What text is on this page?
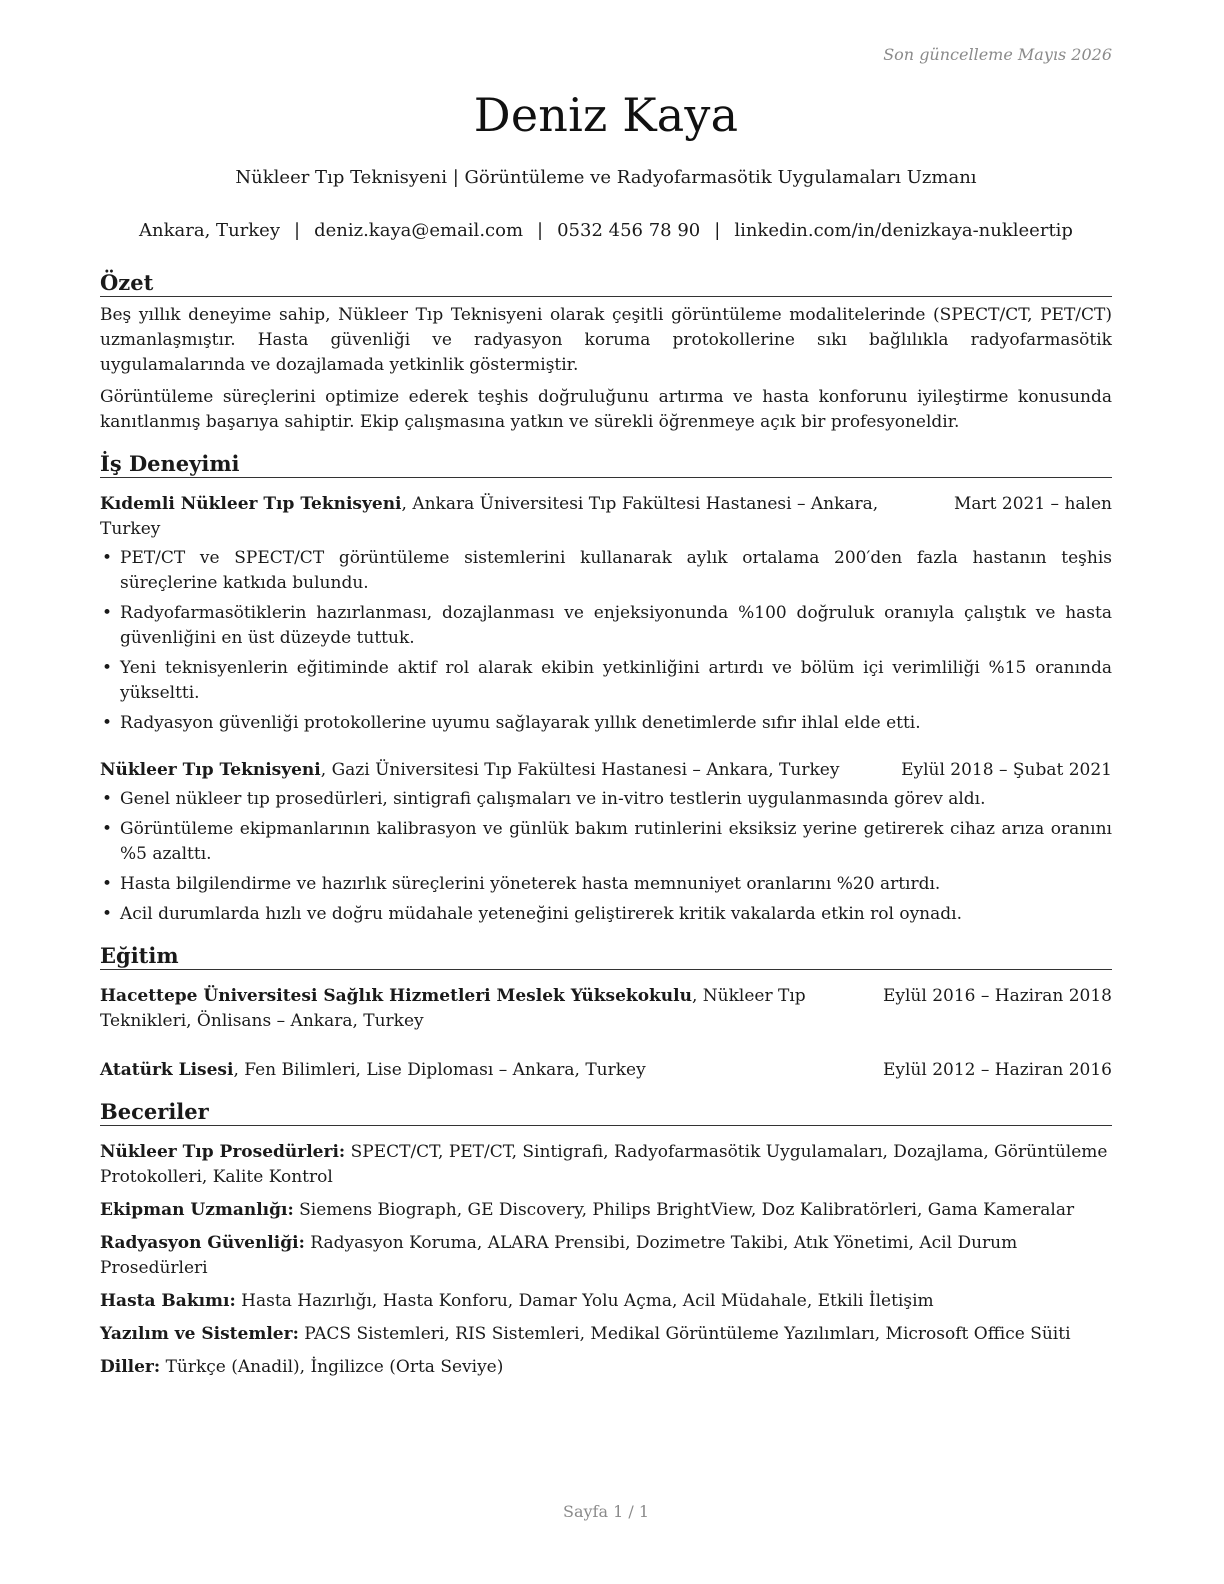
Son güncelleme Mayıs 2026
Deniz Kaya
Nükleer Tıp Teknisyeni | Görüntüleme ve Radyofarmasötik Uygulamaları Uzmanı
Ankara, Turkey | deniz.kaya@email.com | 0532 456 78 90 | linkedin.com/in/denizkaya-nukleertip
Özet

Beş yıllık deneyime sahip, Nükleer Tıp Teknisyeni olarak çeşitli görüntüleme modalitelerinde (SPECT/CT, PET/CT) uzmanlaşmıştır. Hasta güvenliği ve radyasyon koruma protokollerine sıkı bağlılıkla radyofarmasötik uygulamalarında ve dozajlamada yetkinlik göstermiştir.

Görüntüleme süreçlerini optimize ederek teşhis doğruluğunu artırma ve hasta konforunu iyileştirme konusunda kanıtlanmış başarıya sahiptir. Ekip çalışmasına yatkın ve sürekli öğrenmeye açık bir profesyoneldir.

İş Deneyimi
Kıdemli Nükleer Tıp Teknisyeni, Ankara Üniversitesi Tıp Fakültesi Hastanesi – Ankara, Turkey
Mart 2021 – halen
• PET/CT ve SPECT/CT görüntüleme sistemlerini kullanarak aylık ortalama 200′den fazla hastanın teşhis süreçlerine katkıda bulundu.
• Radyofarmasötiklerin hazırlanması, dozajlanması ve enjeksiyonunda %100 doğruluk oranıyla çalıştık ve hasta güvenliğini en üst düzeyde tuttuk.
• Yeni teknisyenlerin eğitiminde aktif rol alarak ekibin yetkinliğini artırdı ve bölüm içi verimliliği %15 oranında yükseltti.
• Radyasyon güvenliği protokollerine uyumu sağlayarak yıllık denetimlerde sıfır ihlal elde etti.
Nükleer Tıp Teknisyeni, Gazi Üniversitesi Tıp Fakültesi Hastanesi – Ankara, Turkey	Eylül 2018 – Şubat 2021
• Genel nükleer tıp prosedürleri, sintigrafi çalışmaları ve in-vitro testlerin uygulanmasında görev aldı.
• Görüntüleme ekipmanlarının kalibrasyon ve günlük bakım rutinlerini eksiksiz yerine getirerek cihaz arıza oranını %5 azalttı.
• Hasta bilgilendirme ve hazırlık süreçlerini yöneterek hasta memnuniyet oranlarını %20 artırdı.
• Acil durumlarda hızlı ve doğru müdahale yeteneğini geliştirerek kritik vakalarda etkin rol oynadı.
Eğitim
Hacettepe Üniversitesi Sağlık Hizmetleri Meslek Yüksekokulu, Nükleer Tıp Teknikleri, Önlisans – Ankara, Turkey
Eylül 2016 – Haziran 2018
Atatürk Lisesi, Fen Bilimleri, Lise Diploması – Ankara, Turkey	Eylül 2012 – Haziran 2016
Beceriler
Nükleer Tıp Prosedürleri: SPECT/CT, PET/CT, Sintigrafi, Radyofarmasötik Uygulamaları, Dozajlama, Görüntüleme Protokolleri, Kalite Kontrol
Ekipman Uzmanlığı: Siemens Biograph, GE Discovery, Philips BrightView, Doz Kalibratörleri, Gama Kameralar
Radyasyon Güvenliği: Radyasyon Koruma, ALARA Prensibi, Dozimetre Takibi, Atık Yönetimi, Acil Durum Prosedürleri
Hasta Bakımı: Hasta Hazırlığı, Hasta Konforu, Damar Yolu Açma, Acil Müdahale, Etkili İletişim
Yazılım ve Sistemler: PACS Sistemleri, RIS Sistemleri, Medikal Görüntüleme Yazılımları, Microsoft Office Süiti
Diller: Türkçe (Anadil), İngilizce (Orta Seviye)
Sayfa 1 / 1
